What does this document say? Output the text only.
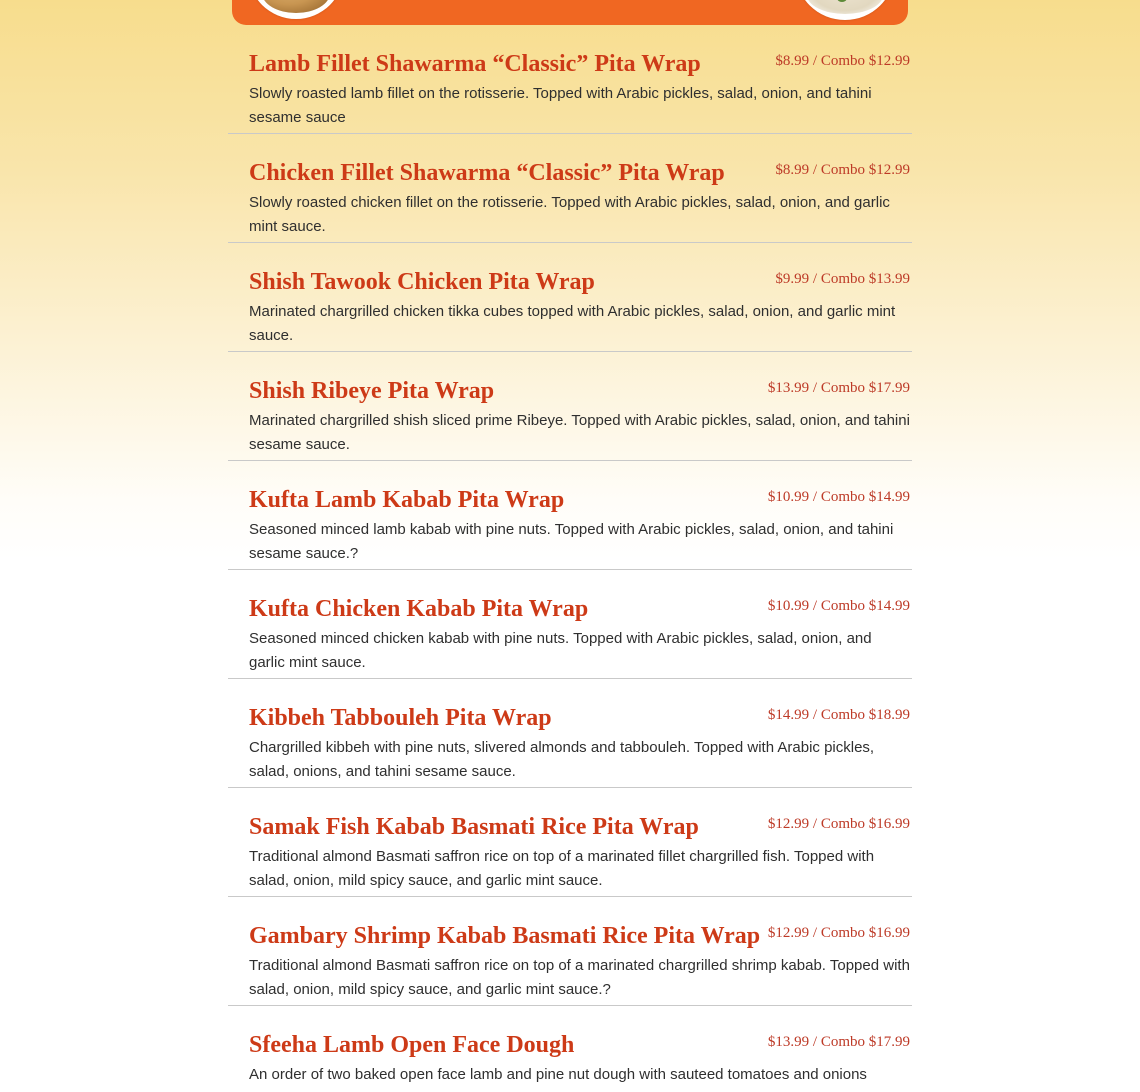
Lamb Fillet Shawarma “Classic” Pita Wrap	$8.99 / Combo $12.99

Slowly roasted lamb fillet on the rotisserie. Topped with Arabic pickles, salad, onion, and tahini sesame sauce

Chicken Fillet Shawarma “Classic” Pita Wrap	$8.99 / Combo $12.99

Slowly roasted chicken fillet on the rotisserie. Topped with Arabic pickles, salad, onion, and garlic mint sauce.

Shish Tawook Chicken Pita Wrap	$9.99 / Combo $13.99

Marinated chargrilled chicken tikka cubes topped with Arabic pickles, salad, onion, and garlic mint sauce.

Shish Ribeye Pita Wrap	$13.99 / Combo $17.99

Marinated chargrilled shish sliced prime Ribeye. Topped with Arabic pickles, salad, onion, and tahini sesame sauce.

Kufta Lamb Kabab Pita Wrap	$10.99 / Combo $14.99

Seasoned minced lamb kabab with pine nuts. Topped with Arabic pickles, salad, onion, and tahini sesame sauce.?

Kufta Chicken Kabab Pita Wrap	$10.99 / Combo $14.99

Seasoned minced chicken kabab with pine nuts. Topped with Arabic pickles, salad, onion, and garlic mint sauce.

Kibbeh Tabbouleh Pita Wrap	$14.99 / Combo $18.99

Chargrilled kibbeh with pine nuts, slivered almonds and tabbouleh. Topped with Arabic pickles, salad, onions, and tahini sesame sauce.

Samak Fish Kabab Basmati Rice Pita Wrap	$12.99 / Combo $16.99

Traditional almond Basmati saffron rice on top of a marinated fillet chargrilled fish. Topped with salad, onion, mild spicy sauce, and garlic mint sauce.

Gambary Shrimp Kabab Basmati Rice Pita Wrap $12.99 / Combo $16.99

Traditional almond Basmati saffron rice on top of a marinated chargrilled shrimp kabab. Topped with salad, onion, mild spicy sauce, and garlic mint sauce.?

Sfeeha Lamb Open Face Dough	$13.99 / Combo $17.99

An order of two baked open face lamb and pine nut dough with sauteed tomatoes and onions
